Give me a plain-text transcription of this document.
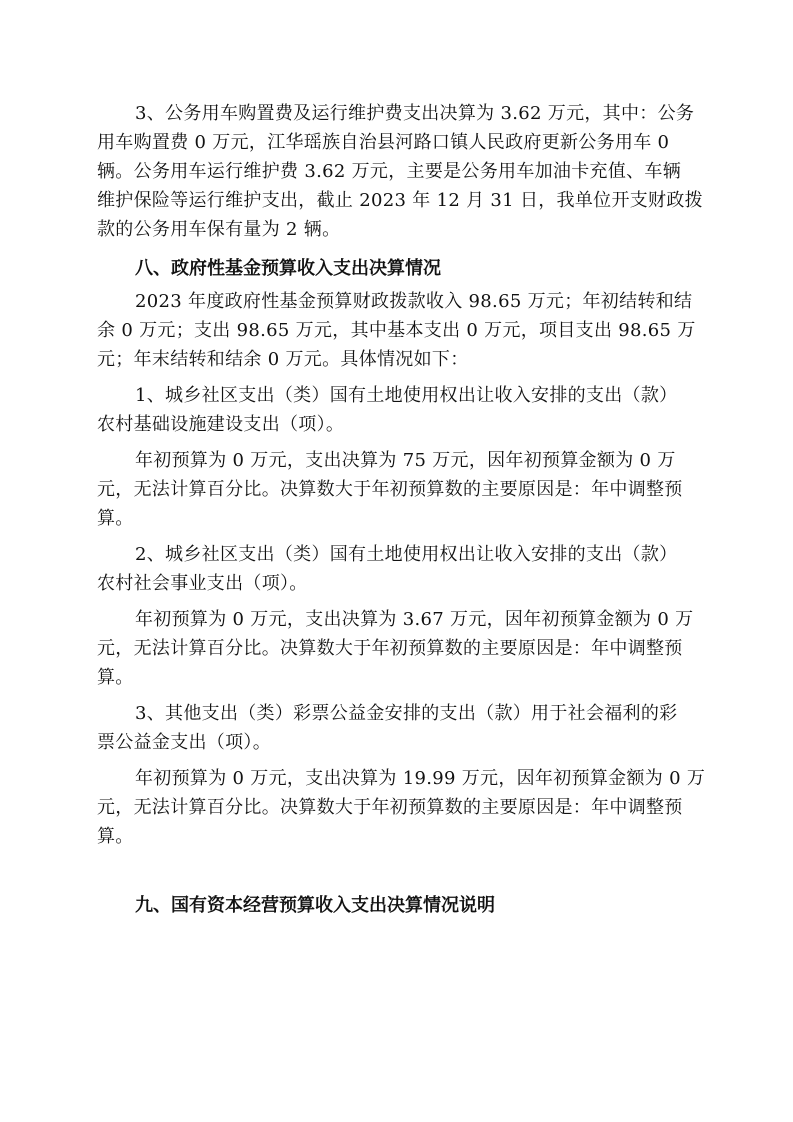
3、公务用车购置费及运行维护费支出决算为 3.62 万元，其中：公务
用车购置费 0 万元，江华瑶族自治县河路口镇人民政府更新公务用车 0
辆。公务用车运行维护费 3.62 万元，主要是公务用车加油卡充值、车辆
维护保险等运行维护支出，截止 2023 年 12 月 31 日，我单位开支财政拨
款的公务用车保有量为 2 辆。
八、政府性基金预算收入支出决算情况
2023 年度政府性基金预算财政拨款收入 98.65 万元；年初结转和结
余 0 万元；支出 98.65 万元，其中基本支出 0 万元，项目支出 98.65 万
元；年末结转和结余 0 万元。具体情况如下：
1、城乡社区支出（类）国有土地使用权出让收入安排的支出（款）
农村基础设施建设支出（项）。
年初预算为 0 万元，支出决算为 75 万元，因年初预算金额为 0 万
元，无法计算百分比。决算数大于年初预算数的主要原因是：年中调整预
算。
2、城乡社区支出（类）国有土地使用权出让收入安排的支出（款）
农村社会事业支出（项）。
年初预算为 0 万元，支出决算为 3.67 万元，因年初预算金额为 0 万
元，无法计算百分比。决算数大于年初预算数的主要原因是：年中调整预
算。
3、其他支出（类）彩票公益金安排的支出（款）用于社会福利的彩
票公益金支出（项）。
年初预算为 0 万元，支出决算为 19.99 万元，因年初预算金额为 0 万
元，无法计算百分比。决算数大于年初预算数的主要原因是：年中调整预
算。
九、国有资本经营预算收入支出决算情况说明
